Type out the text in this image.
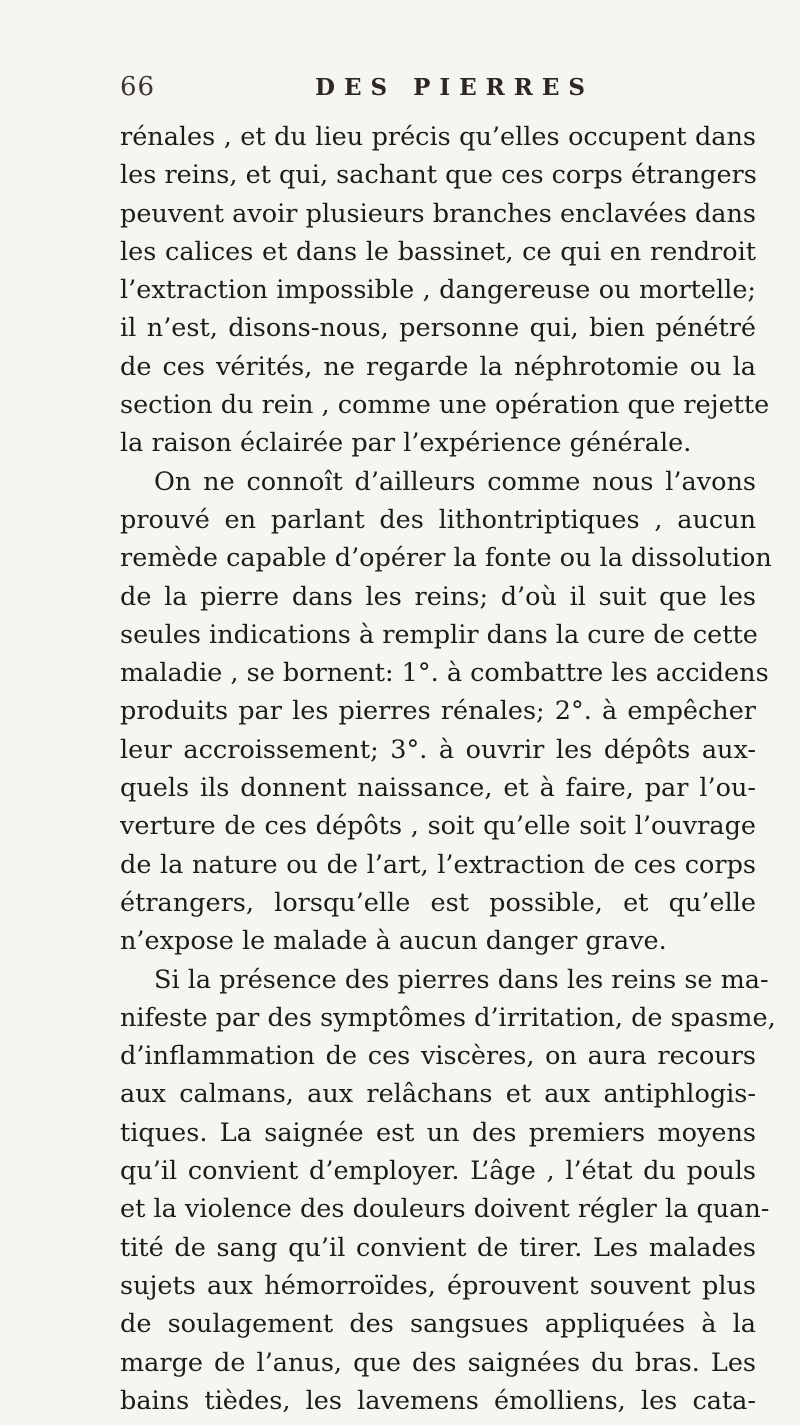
66	DES PIERRES
rénales , et du lieu précis qu’elles occupent dans
les reins, et qui, sachant que ces corps étrangers
peuvent avoir plusieurs branches enclavées dans
les calices et dans le bassinet, ce qui en rendroit
l’extraction impossible , dangereuse ou mortelle;
il n’est, disons-nous, personne qui, bien pénétré
de ces vérités, ne regarde la néphrotomie ou la
section du rein , comme une opération que rejette
la raison éclairée par l’expérience générale.
On ne connoît d’ailleurs comme nous l’avons
prouvé en parlant des lithontriptiques , aucun
remède capable d’opérer la fonte ou la dissolution
de la pierre dans les reins; d’où il suit que les
seules indications à remplir dans la cure de cette
maladie , se bornent: 1°. à combattre les accidens
produits par les pierres rénales; 2°. à empêcher
leur accroissement; 3°. à ouvrir les dépôts aux-
quels ils donnent naissance, et à faire, par l’ou-
verture de ces dépôts , soit qu’elle soit l’ouvrage
de la nature ou de l’art, l’extraction de ces corps
étrangers, lorsqu’elle est possible, et qu’elle
n’expose le malade à aucun danger grave.
Si la présence des pierres dans les reins se ma-
nifeste par des symptômes d’irritation, de spasme,
d’inflammation de ces viscères, on aura recours
aux calmans, aux relâchans et aux antiphlogis-
tiques. La saignée est un des premiers moyens
qu’il convient d’employer. L’âge , l’état du pouls
et la violence des douleurs doivent régler la quan-
tité de sang qu’il convient de tirer. Les malades
sujets aux hémorroïdes, éprouvent souvent plus
de soulagement des sangsues appliquées à la
marge de l’anus, que des saignées du bras. Les
bains tièdes, les lavemens émolliens, les cata-
